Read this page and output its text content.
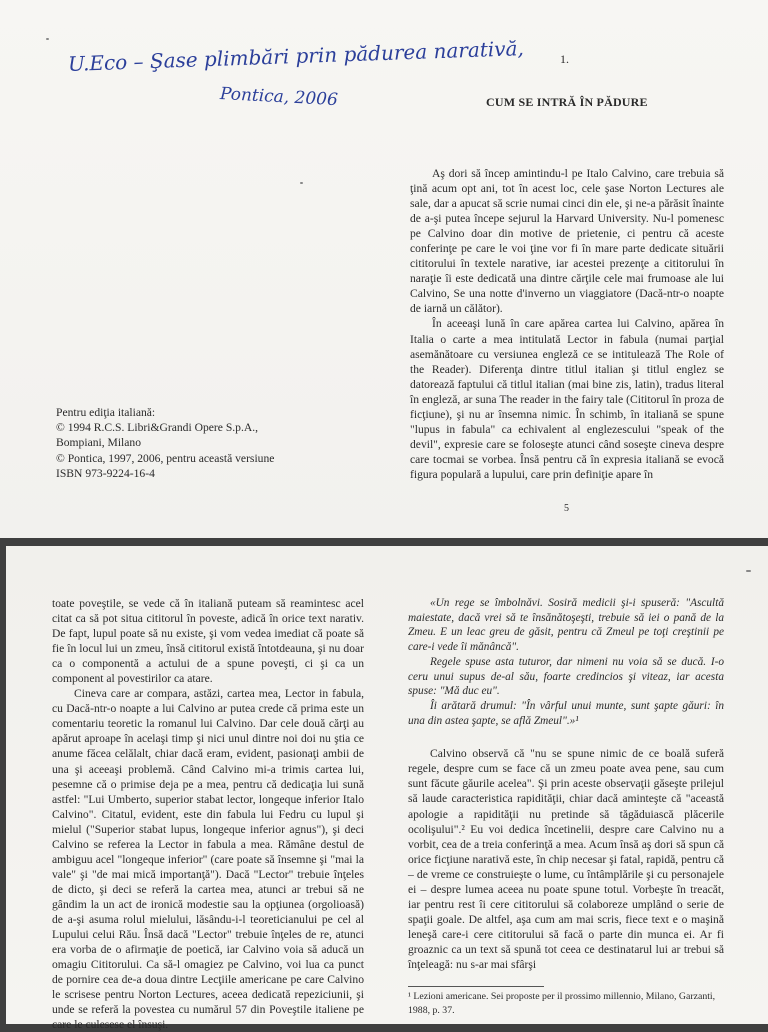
U.Eco – Şase plimbări prin pădurea narativă,
Pontica, 2006
1.
CUM SE INTRĂ ÎN PĂDURE

Aş dori să încep amintindu-l pe Italo Calvino, care trebuia să ţină acum opt ani, tot în acest loc, cele şase Norton Lectures ale sale, dar a apucat să scrie numai cinci din ele, şi ne-a părăsit înainte de a-şi putea începe sejurul la Harvard University. Nu-l pomenesc pe Calvino doar din motive de prietenie, ci pentru că aceste conferinţe pe care le voi ţine vor fi în mare parte dedicate situării cititorului în textele narative, iar acestei prezenţe a cititorului în naraţie îi este dedicată una dintre cărţile cele mai frumoase ale lui Calvino, Se una notte d'inverno un viaggiatore (Dacă-ntr-o noapte de iarnă un călător).

În aceeaşi lună în care apărea cartea lui Calvino, apărea în Italia o carte a mea intitulată Lector in fabula (numai parţial asemănătoare cu versiunea engleză ce se intitulează The Role of the Reader). Diferenţa dintre titlul italian şi titlul englez se datorează faptului că titlul italian (mai bine zis, latin), tradus literal în engleză, ar suna The reader in the fairy tale (Cititorul în proza de ficţiune), şi nu ar însemna nimic. În schimb, în italiană se spune "lupus in fabula" ca echivalent al englezescului "speak of the devil", expresie care se foloseşte atunci când soseşte cineva despre care tocmai se vorbea. Însă pentru că în expresia italiană se evocă figura populară a lupului, care prin definiţie apare în

Pentru ediţia italiană:
© 1994 R.C.S. Libri&Grandi Opere S.p.A.,
Bompiani, Milano
© Pontica, 1997, 2006, pentru această versiune
ISBN 973-9224-16-4
5

toate poveştile, se vede că în italiană puteam să reamintesc acel citat ca să pot situa cititorul în poveste, adică în orice text narativ. De fapt, lupul poate să nu existe, şi vom vedea imediat că poate să fie în locul lui un zmeu, însă cititorul există întotdeauna, şi nu doar ca o componentă a actului de a spune poveşti, ci şi ca un component al povestirilor ca atare.

Cineva care ar compara, astăzi, cartea mea, Lector in fabula, cu Dacă-ntr-o noapte a lui Calvino ar putea crede că prima este un comentariu teoretic la romanul lui Calvino. Dar cele două cărţi au apărut aproape în acelaşi timp şi nici unul dintre noi doi nu ştia ce anume făcea celălalt, chiar dacă eram, evident, pasionaţi ambii de una şi aceeaşi problemă. Când Calvino mi-a trimis cartea lui, pesemne că o primise deja pe a mea, pentru că dedicaţia lui sună astfel: "Lui Umberto, superior stabat lector, longeque inferior Italo Calvino". Citatul, evident, este din fabula lui Fedru cu lupul şi mielul ("Superior stabat lupus, longeque inferior agnus"), şi deci Calvino se referea la Lector in fabula a mea. Rămâne destul de ambiguu acel "longeque inferior" (care poate să însemne şi "mai la vale" şi "de mai mică importanţă"). Dacă "Lector" trebuie înţeles de dicto, şi deci se referă la cartea mea, atunci ar trebui să ne gândim la un act de ironică modestie sau la opţiunea (orgolioasă) de a-şi asuma rolul mielului, lăsându-i-l teoreticianului pe cel al Lupului celui Rău. Însă dacă "Lector" trebuie înţeles de re, atunci era vorba de o afirmaţie de poetică, iar Calvino voia să aducă un omagiu Cititorului. Ca să-l omagiez pe Calvino, voi lua ca punct de pornire cea de-a doua dintre Lecţiile americane pe care Calvino le scrisese pentru Norton Lectures, aceea dedicată repeziciunii, şi unde se referă la povestea cu numărul 57 din Poveştile italiene pe care le culesese el însuşi.

«Un rege se îmbolnăvi. Sosiră medicii şi-i spuseră: "Ascultă maiestate, dacă vrei să te însănătoşeşti, trebuie să iei o pană de la Zmeu. E un leac greu de găsit, pentru că Zmeul pe toţi creştinii pe care-i vede îi mănâncă".

Regele spuse asta tuturor, dar nimeni nu voia să se ducă. I-o ceru unui supus de-al său, foarte credincios şi viteaz, iar acesta spuse: "Mă duc eu".

Îi arătară drumul: "În vârful unui munte, sunt şapte găuri: în una din astea şapte, se află Zmeul".»¹

Calvino observă că "nu se spune nimic de ce boală suferă regele, despre cum se face că un zmeu poate avea pene, sau cum sunt făcute găurile acelea". Şi prin aceste observaţii găseşte prilejul să laude caracteristica rapidităţii, chiar dacă aminteşte că "această apologie a rapidităţii nu pretinde să tăgăduiască plăcerile ocolişului".² Eu voi dedica încetinelii, despre care Calvino nu a vorbit, cea de a treia conferinţă a mea. Acum însă aş dori să spun că orice ficţiune narativă este, în chip necesar şi fatal, rapidă, pentru că – de vreme ce construieşte o lume, cu întâmplările şi cu personajele ei – despre lumea aceea nu poate spune totul. Vorbeşte în treacăt, iar pentru rest îi cere cititorului să colaboreze umplând o serie de spaţii goale. De altfel, aşa cum am mai scris, fiece text e o maşină leneşă care-i cere cititorului să facă o parte din munca ei. Ar fi groaznic ca un text să spună tot ceea ce destinatarul lui ar trebui să înţeleagă: nu s-ar mai sfârşi

¹ Lezioni americane. Sei proposte per il prossimo millennio, Milano, Garzanti, 1988, p. 37.
